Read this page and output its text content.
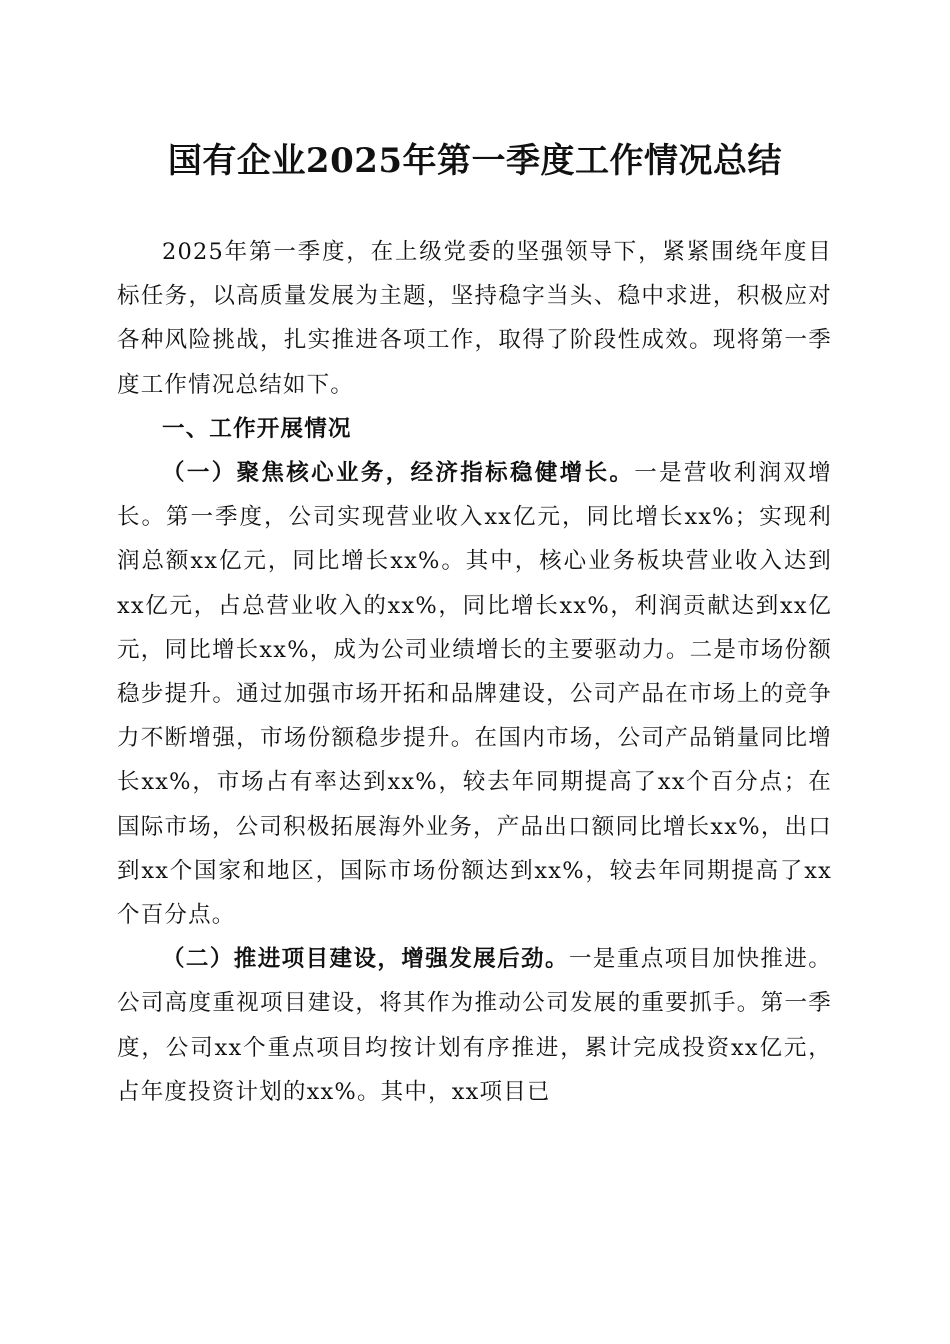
国有企业2025年第一季度工作情况总结

2025年第一季度，在上级党委的坚强领导下，紧紧围绕年度目标任务，以高质量发展为主题，坚持稳字当头、稳中求进，积极应对各种风险挑战，扎实推进各项工作，取得了阶段性成效。现将第一季度工作情况总结如下。

一、工作开展情况

（一）聚焦核心业务，经济指标稳健增长。一是营收利润双增长。第一季度，公司实现营业收入xx亿元，同比增长xx%；实现利润总额xx亿元，同比增长xx%。其中，核心业务板块营业收入达到xx亿元，占总营业收入的xx%，同比增长xx%，利润贡献达到xx亿元，同比增长xx%，成为公司业绩增长的主要驱动力。二是市场份额稳步提升。通过加强市场开拓和品牌建设，公司产品在市场上的竞争力不断增强，市场份额稳步提升。在国内市场，公司产品销量同比增长xx%，市场占有率达到xx%，较去年同期提高了xx个百分点；在国际市场，公司积极拓展海外业务，产品出口额同比增长xx%，出口到xx个国家和地区，国际市场份额达到xx%，较去年同期提高了xx个百分点。

（二）推进项目建设，增强发展后劲。一是重点项目加快推进。公司高度重视项目建设，将其作为推动公司发展的重要抓手。第一季度，公司xx个重点项目均按计划有序推进，累计完成投资xx亿元，占年度投资计划的xx%。其中，xx项目已
